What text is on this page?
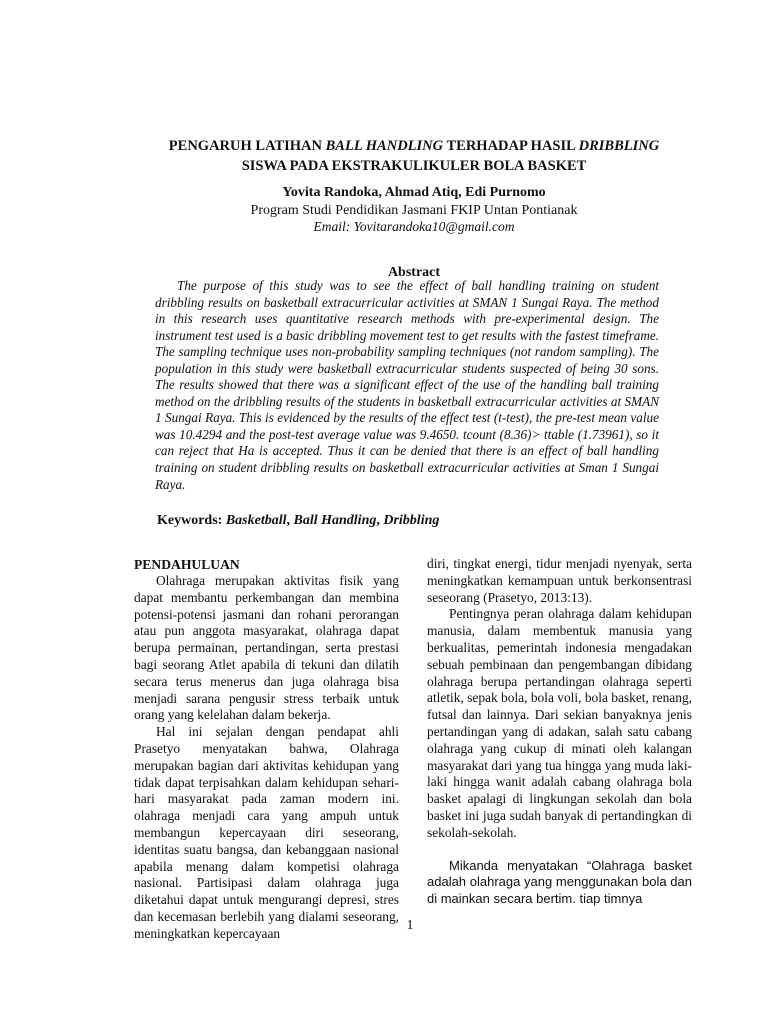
PENGARUH LATIHAN BALL HANDLING TERHADAP HASIL DRIBBLING
SISWA PADA EKSTRAKULIKULER BOLA BASKET
Yovita Randoka, Ahmad Atiq, Edi Purnomo
Program Studi Pendidikan Jasmani FKIP Untan Pontianak
Email: Yovitarandoka10@gmail.com
Abstract
The purpose of this study was to see the effect of ball handling training on student dribbling results on basketball extracurricular activities at SMAN 1 Sungai Raya. The method in this research uses quantitative research methods with pre-experimental design. The instrument test used is a basic dribbling movement test to get results with the fastest timeframe. The sampling technique uses non-probability sampling techniques (not random sampling). The population in this study were basketball extracurricular students suspected of being 30 sons. The results showed that there was a significant effect of the use of the handling ball training method on the dribbling results of the students in basketball extracurricular activities at SMAN 1 Sungai Raya. This is evidenced by the results of the effect test (t-test), the pre-test mean value was 10.4294 and the post-test average value was 9.4650. tcount (8.36)> ttable (1.73961), so it can reject that Ha is accepted. Thus it can be denied that there is an effect of ball handling training on student dribbling results on basketball extracurricular activities at Sman 1 Sungai Raya.
Keywords: Basketball, Ball Handling, Dribbling
PENDAHULUAN

Olahraga merupakan aktivitas fisik yang dapat membantu perkembangan dan membina potensi-potensi jasmani dan rohani perorangan atau pun anggota masyarakat, olahraga dapat berupa permainan, pertandingan, serta prestasi bagi seorang Atlet apabila di tekuni dan dilatih secara terus menerus dan juga olahraga bisa menjadi sarana pengusir stress terbaik untuk orang yang kelelahan dalam bekerja.

Hal ini sejalan dengan pendapat ahli Prasetyo menyatakan bahwa, Olahraga merupakan bagian dari aktivitas kehidupan yang tidak dapat terpisahkan dalam kehidupan sehari-hari masyarakat pada zaman modern ini. olahraga menjadi cara yang ampuh untuk membangun kepercayaan diri seseorang, identitas suatu bangsa, dan kebanggaan nasional apabila menang dalam kompetisi olahraga nasional. Partisipasi dalam olahraga juga diketahui dapat untuk mengurangi depresi, stres dan kecemasan berlebih yang dialami seseorang, meningkatkan kepercayaan

diri, tingkat energi, tidur menjadi nyenyak, serta meningkatkan kemampuan untuk berkonsentrasi seseorang (Prasetyo, 2013:13).

Pentingnya peran olahraga dalam kehidupan manusia, dalam membentuk manusia yang berkualitas, pemerintah indonesia mengadakan sebuah pembinaan dan pengembangan dibidang olahraga berupa pertandingan olahraga seperti atletik, sepak bola, bola voli, bola basket, renang, futsal dan lainnya. Dari sekian banyaknya jenis pertandingan yang di adakan, salah satu cabang olahraga yang cukup di minati oleh kalangan masyarakat dari yang tua hingga yang muda laki-laki hingga wanit adalah cabang olahraga bola basket apalagi di lingkungan sekolah dan bola basket ini juga sudah banyak di pertandingkan di sekolah-sekolah.

Mikanda menyatakan “Olahraga basket adalah olahraga yang menggunakan bola dan di mainkan secara bertim. tiap timnya

1
